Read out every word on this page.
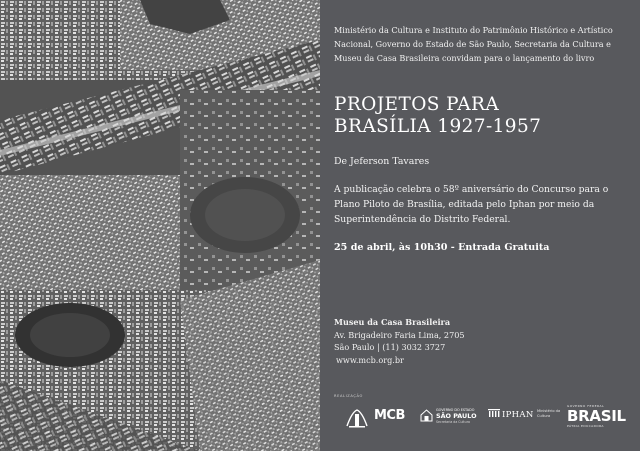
Ministério da Cultura e Instituto do Patrimônio Histórico e Artístico Nacional, Governo do Estado de São Paulo, Secretaria da Cultura e Museu da Casa Brasileira convidam para o lançamento do livro
PROJETOS PARA
BRASÍLIA 1927-1957
De Jeferson Tavares
A publicação celebra o 58º aniversário do Concurso para o Plano Piloto de Brasília, editada pelo Iphan por meio da Superintendência do Distrito Federal.
25 de abril, às 10h30 - Entrada Gratuita
Museu da Casa Brasileira
Av. Brigadeiro Faria Lima, 2705
São Paulo | (11) 3032 3727
www.mcb.org.br
REALIZAÇÃO
MCB	GOVERNO DO ESTADO
SÃO PAULO
Secretaria da Cultura
IPHAN Ministério da
Cultura
GOVERNO FEDERAL
BRASIL
PÁTRIA EDUCADORA
